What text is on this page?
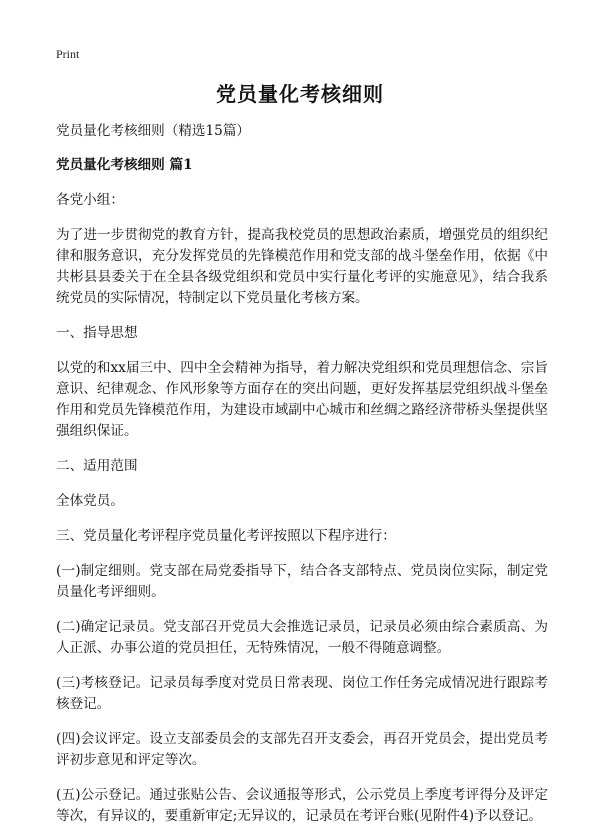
Print
党员量化考核细则

党员量化考核细则（精选15篇）

党员量化考核细则 篇1

各党小组：

为了进一步贯彻党的教育方针，提高我校党员的思想政治素质，增强党员的组织纪律和服务意识，充分发挥党员的先锋模范作用和党支部的战斗堡垒作用，依据《中共彬县县委关于在全县各级党组织和党员中实行量化考评的实施意见》，结合我系统党员的实际情况，特制定以下党员量化考核方案。

一、指导思想

以党的和xx届三中、四中全会精神为指导，着力解决党组织和党员理想信念、宗旨意识、纪律观念、作风形象等方面存在的突出问题，更好发挥基层党组织战斗堡垒作用和党员先锋模范作用，为建设市域副中心城市和丝绸之路经济带桥头堡提供坚强组织保证。

二、适用范围

全体党员。

三、党员量化考评程序党员量化考评按照以下程序进行：

(一)制定细则。党支部在局党委指导下，结合各支部特点、党员岗位实际，制定党员量化考评细则。

(二)确定记录员。党支部召开党员大会推选记录员，记录员必须由综合素质高、为人正派、办事公道的党员担任，无特殊情况，一般不得随意调整。

(三)考核登记。记录员每季度对党员日常表现、岗位工作任务完成情况进行跟踪考核登记。

(四)会议评定。设立支部委员会的支部先召开支委会，再召开党员会，提出党员考评初步意见和评定等次。

(五)公示登记。通过张贴公告、会议通报等形式，公示党员上季度考评得分及评定等次，有异议的，要重新审定;无异议的，记录员在考评台账(见附件4)予以登记。
